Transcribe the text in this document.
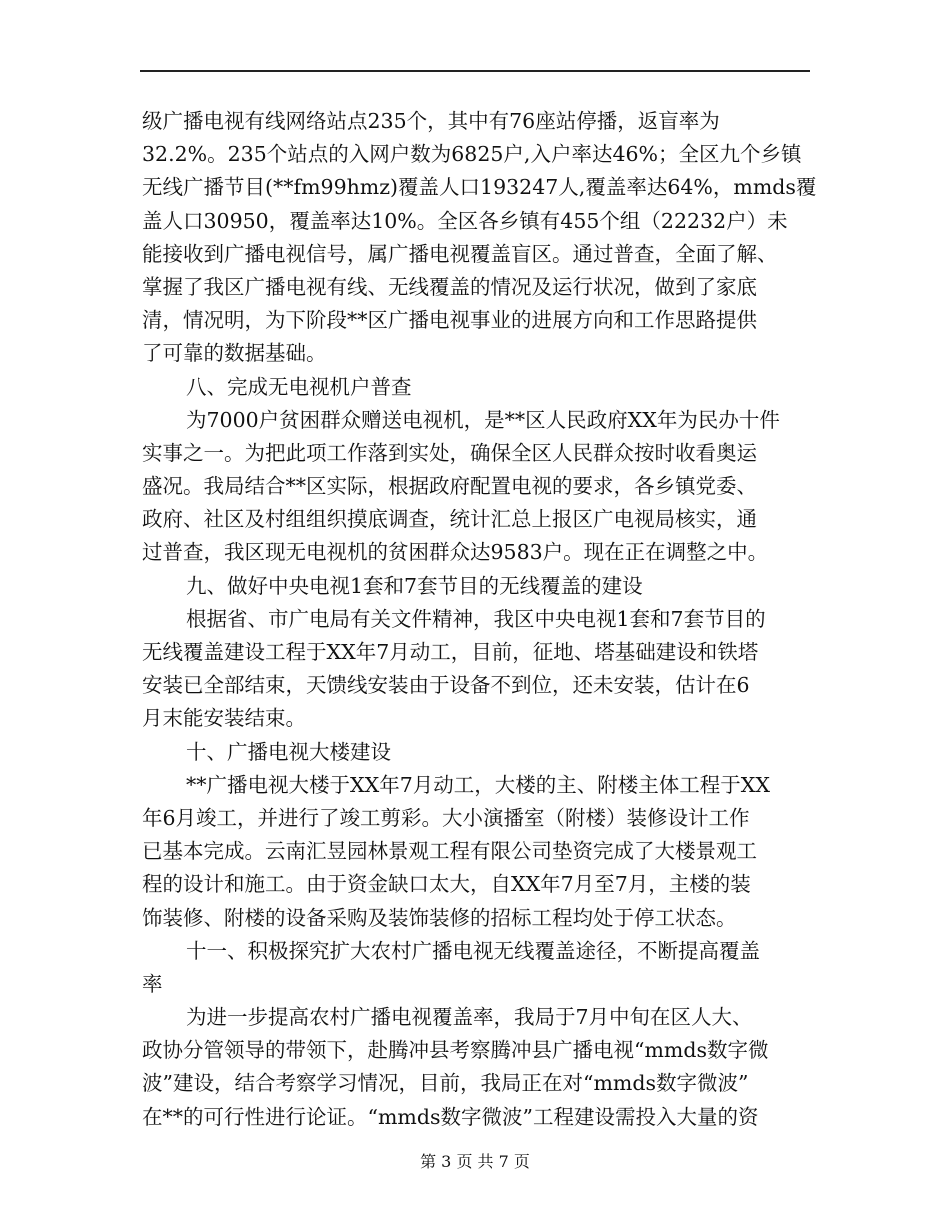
级广播电视有线网络站点235个，其中有76座站停播，返盲率为
32.2%。235个站点的入网户数为6825户,入户率达46%；全区九个乡镇
无线广播节目(**fm99hmz)覆盖人口193247人,覆盖率达64%，mmds覆
盖人口30950，覆盖率达10%。全区各乡镇有455个组（22232户）未
能接收到广播电视信号，属广播电视覆盖盲区。通过普查，全面了解、
掌握了我区广播电视有线、无线覆盖的情况及运行状况，做到了家底
清，情况明，为下阶段**区广播电视事业的进展方向和工作思路提供
了可靠的数据基础。
八、完成无电视机户普查
为7000户贫困群众赠送电视机，是**区人民政府XX年为民办十件
实事之一。为把此项工作落到实处，确保全区人民群众按时收看奥运
盛况。我局结合**区实际，根据政府配置电视的要求，各乡镇党委、
政府、社区及村组组织摸底调查，统计汇总上报区广电视局核实，通
过普查，我区现无电视机的贫困群众达9583户。现在正在调整之中。
九、做好中央电视1套和7套节目的无线覆盖的建设
根据省、市广电局有关文件精神，我区中央电视1套和7套节目的
无线覆盖建设工程于XX年7月动工，目前，征地、塔基础建设和铁塔
安装已全部结束，天馈线安装由于设备不到位，还未安装，估计在6
月末能安装结束。
十、广播电视大楼建设
**广播电视大楼于XX年7月动工，大楼的主、附楼主体工程于XX
年6月竣工，并进行了竣工剪彩。大小演播室（附楼）装修设计工作
已基本完成。云南汇昱园林景观工程有限公司垫资完成了大楼景观工
程的设计和施工。由于资金缺口太大，自XX年7月至7月，主楼的装
饰装修、附楼的设备采购及装饰装修的招标工程均处于停工状态。
十一、积极探究扩大农村广播电视无线覆盖途径，不断提高覆盖
率
为进一步提高农村广播电视覆盖率，我局于7月中旬在区人大、
政协分管领导的带领下，赴腾冲县考察腾冲县广播电视“mmds数字微
波”建设，结合考察学习情况，目前，我局正在对“mmds数字微波”
在**的可行性进行论证。“mmds数字微波”工程建设需投入大量的资
第 3 页 共 7 页
